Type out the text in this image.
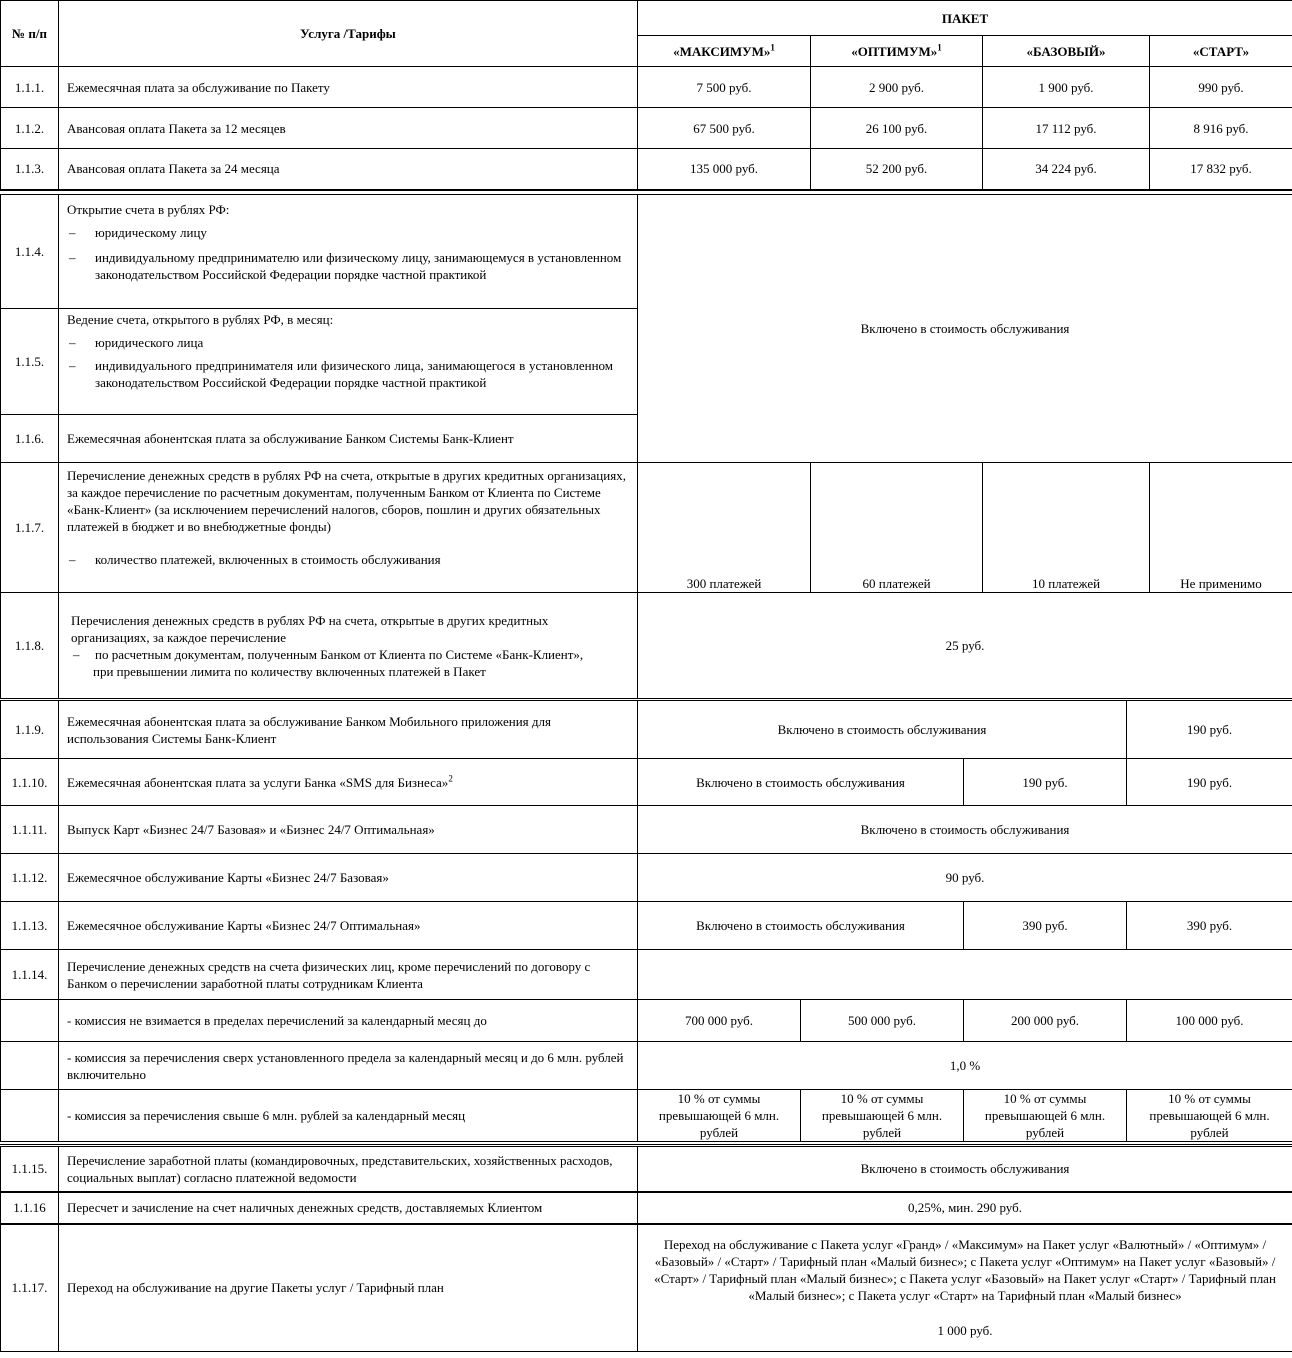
№ п/п	Услуга /Тарифы	ПАКЕТ			
		«МАКСИМУМ»$^1$	«ОПТИМУМ»$^1$	«БАЗОВЫЙ»	«СТАРТ»
1.1.1.	Ежемесячная плата за обслуживание по Пакету	7 500 руб.	2 900 руб.	1 900 руб.	990 руб.
1.1.2.	Авансовая оплата Пакета за 12 месяцев	67 500 руб.	26 100 руб.	17 112 руб.	8 916 руб.
1.1.3.	Авансовая оплата Пакета за 24 месяца	135 000 руб.	52 200 руб.	34 224 руб.	17 832 руб.
1.1.4.	Открытие счета в рублях РФ:
– юридическому лицу
– индивидуальному предпринимателю или физическому лицу, занимающемуся в установленном законодательством Российской Федерации порядке частной практикой	Включено в стоимость обслуживания			
1.1.5.	Ведение счета, открытого в рублях РФ, в месяц:
– юридического лица
– индивидуального предпринимателя или физического лица, занимающегося в установленном законодательством Российской Федерации порядке частной практикой				

1.1.6.	Ежемесячная абонентская плата за обслуживание Банком Системы Банк-Клиент				
1.1.7.	Перечисление денежных средств в рублях РФ на счета, открытые в других кредитных организациях, за каждое перечисление по расчетным документам, полученным Банком от Клиента по Системе «Банк-Клиент» (за исключением перечислений налогов, сборов, пошлин и других обязательных платежей в бюджет и во внебюджетные фонды)
– количество платежей, включенных в стоимость обслуживания	300 платежей	60 платежей	10 платежей	Не применимо
1.1.8.	Перечисления денежных средств в рублях РФ на счета, открытые в других кредитных организациях, за каждое перечисление
– по расчетным документам, полученным Банком от Клиента по Системе «Банк-Клиент»,
при превышении лимита по количеству включенных платежей в Пакет	25 руб.			
1.1.9.	Ежемесячная абонентская плата за обслуживание Банком Мобильного приложения для использования Системы Банк-Клиент	Включено в стоимость обслуживания			190 руб.
1.1.10.	Ежемесячная абонентская плата за услуги Банка «SMS для Бизнеса»$^2$	Включено в стоимость обслуживания		190 руб.	190 руб.
1.1.11.	Выпуск Карт «Бизнес 24/7 Базовая» и «Бизнес 24/7 Оптимальная»	Включено в стоимость обслуживания			
1.1.12.	Ежемесячное обслуживание Карты «Бизнес 24/7 Базовая»	90 руб.			
1.1.13.	Ежемесячное обслуживание Карты «Бизнес 24/7 Оптимальная»	Включено в стоимость обслуживания		390 руб.	390 руб.
1.1.14.	Перечисление денежных средств на счета физических лиц, кроме перечислений по договору с Банком о перечислении заработной платы сотрудникам Клиента				
	- комиссия не взимается в пределах перечислений за календарный месяц до	700 000 руб.	500 000 руб.	200 000 руб.	100 000 руб.
	- комиссия за перечисления сверх установленного предела за календарный месяц и до 6 млн. рублей включительно	1,0 %			
	- комиссия за перечисления свыше 6 млн. рублей за календарный месяц	10 % от суммы превышающей 6 млн. рублей	10 % от суммы превышающей 6 млн. рублей	10 % от суммы превышающей 6 млн. рублей	10 % от суммы превышающей 6 млн. рублей
1.1.15.	Перечисление заработной платы (командировочных, представительских, хозяйственных расходов, социальных выплат) согласно платежной ведомости	Включено в стоимость обслуживания
1.1.16	Пересчет и зачисление на счет наличных денежных средств, доставляемых Клиентом	0,25%, мин. 290 руб.
1.1.17.	Переход на обслуживание на другие Пакеты услуг / Тарифный план	Переход на обслуживание с Пакета услуг «Гранд» / «Максимум» на Пакет услуг «Валютный» / «Оптимум» / «Базовый» / «Старт» / Тарифный план «Малый бизнес»; с Пакета услуг «Оптимум» на Пакет услуг «Базовый» / «Старт» / Тарифный план «Малый бизнес»; с Пакета услуг «Базовый» на Пакет услуг «Старт» / Тарифный план «Малый бизнес»; с Пакета услуг «Старт» на Тарифный план «Малый бизнес»
1 000 руб.
